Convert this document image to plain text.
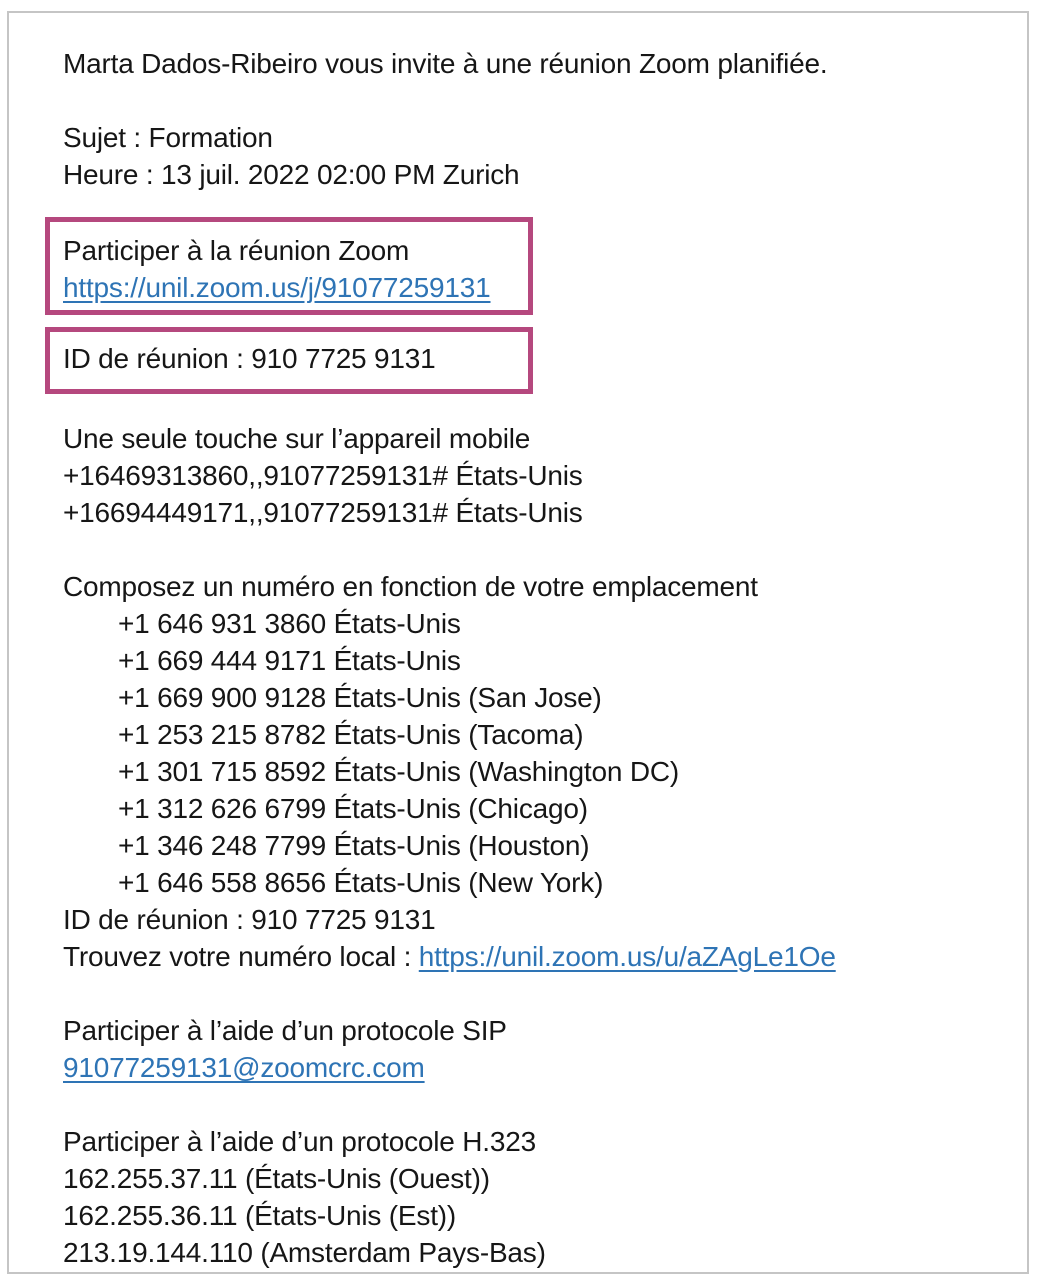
Marta Dados-Ribeiro vous invite à une réunion Zoom planifiée.
Sujet : Formation
Heure : 13 juil. 2022 02:00 PM Zurich
Participer à la réunion Zoom
https://unil.zoom.us/j/91077259131
ID de réunion : 910 7725 9131
Une seule touche sur l’appareil mobile
+16469313860,,91077259131# États-Unis
+16694449171,,91077259131# États-Unis
Composez un numéro en fonction de votre emplacement
+1 646 931 3860 États-Unis
+1 669 444 9171 États-Unis
+1 669 900 9128 États-Unis (San Jose)
+1 253 215 8782 États-Unis (Tacoma)
+1 301 715 8592 États-Unis (Washington DC)
+1 312 626 6799 États-Unis (Chicago)
+1 346 248 7799 États-Unis (Houston)
+1 646 558 8656 États-Unis (New York)
ID de réunion : 910 7725 9131
Trouvez votre numéro local : https://unil.zoom.us/u/aZAgLe1Oe
Participer à l’aide d’un protocole SIP
91077259131@zoomcrc.com
Participer à l’aide d’un protocole H.323
162.255.37.11 (États-Unis (Ouest))
162.255.36.11 (États-Unis (Est))
213.19.144.110 (Amsterdam Pays-Bas)
